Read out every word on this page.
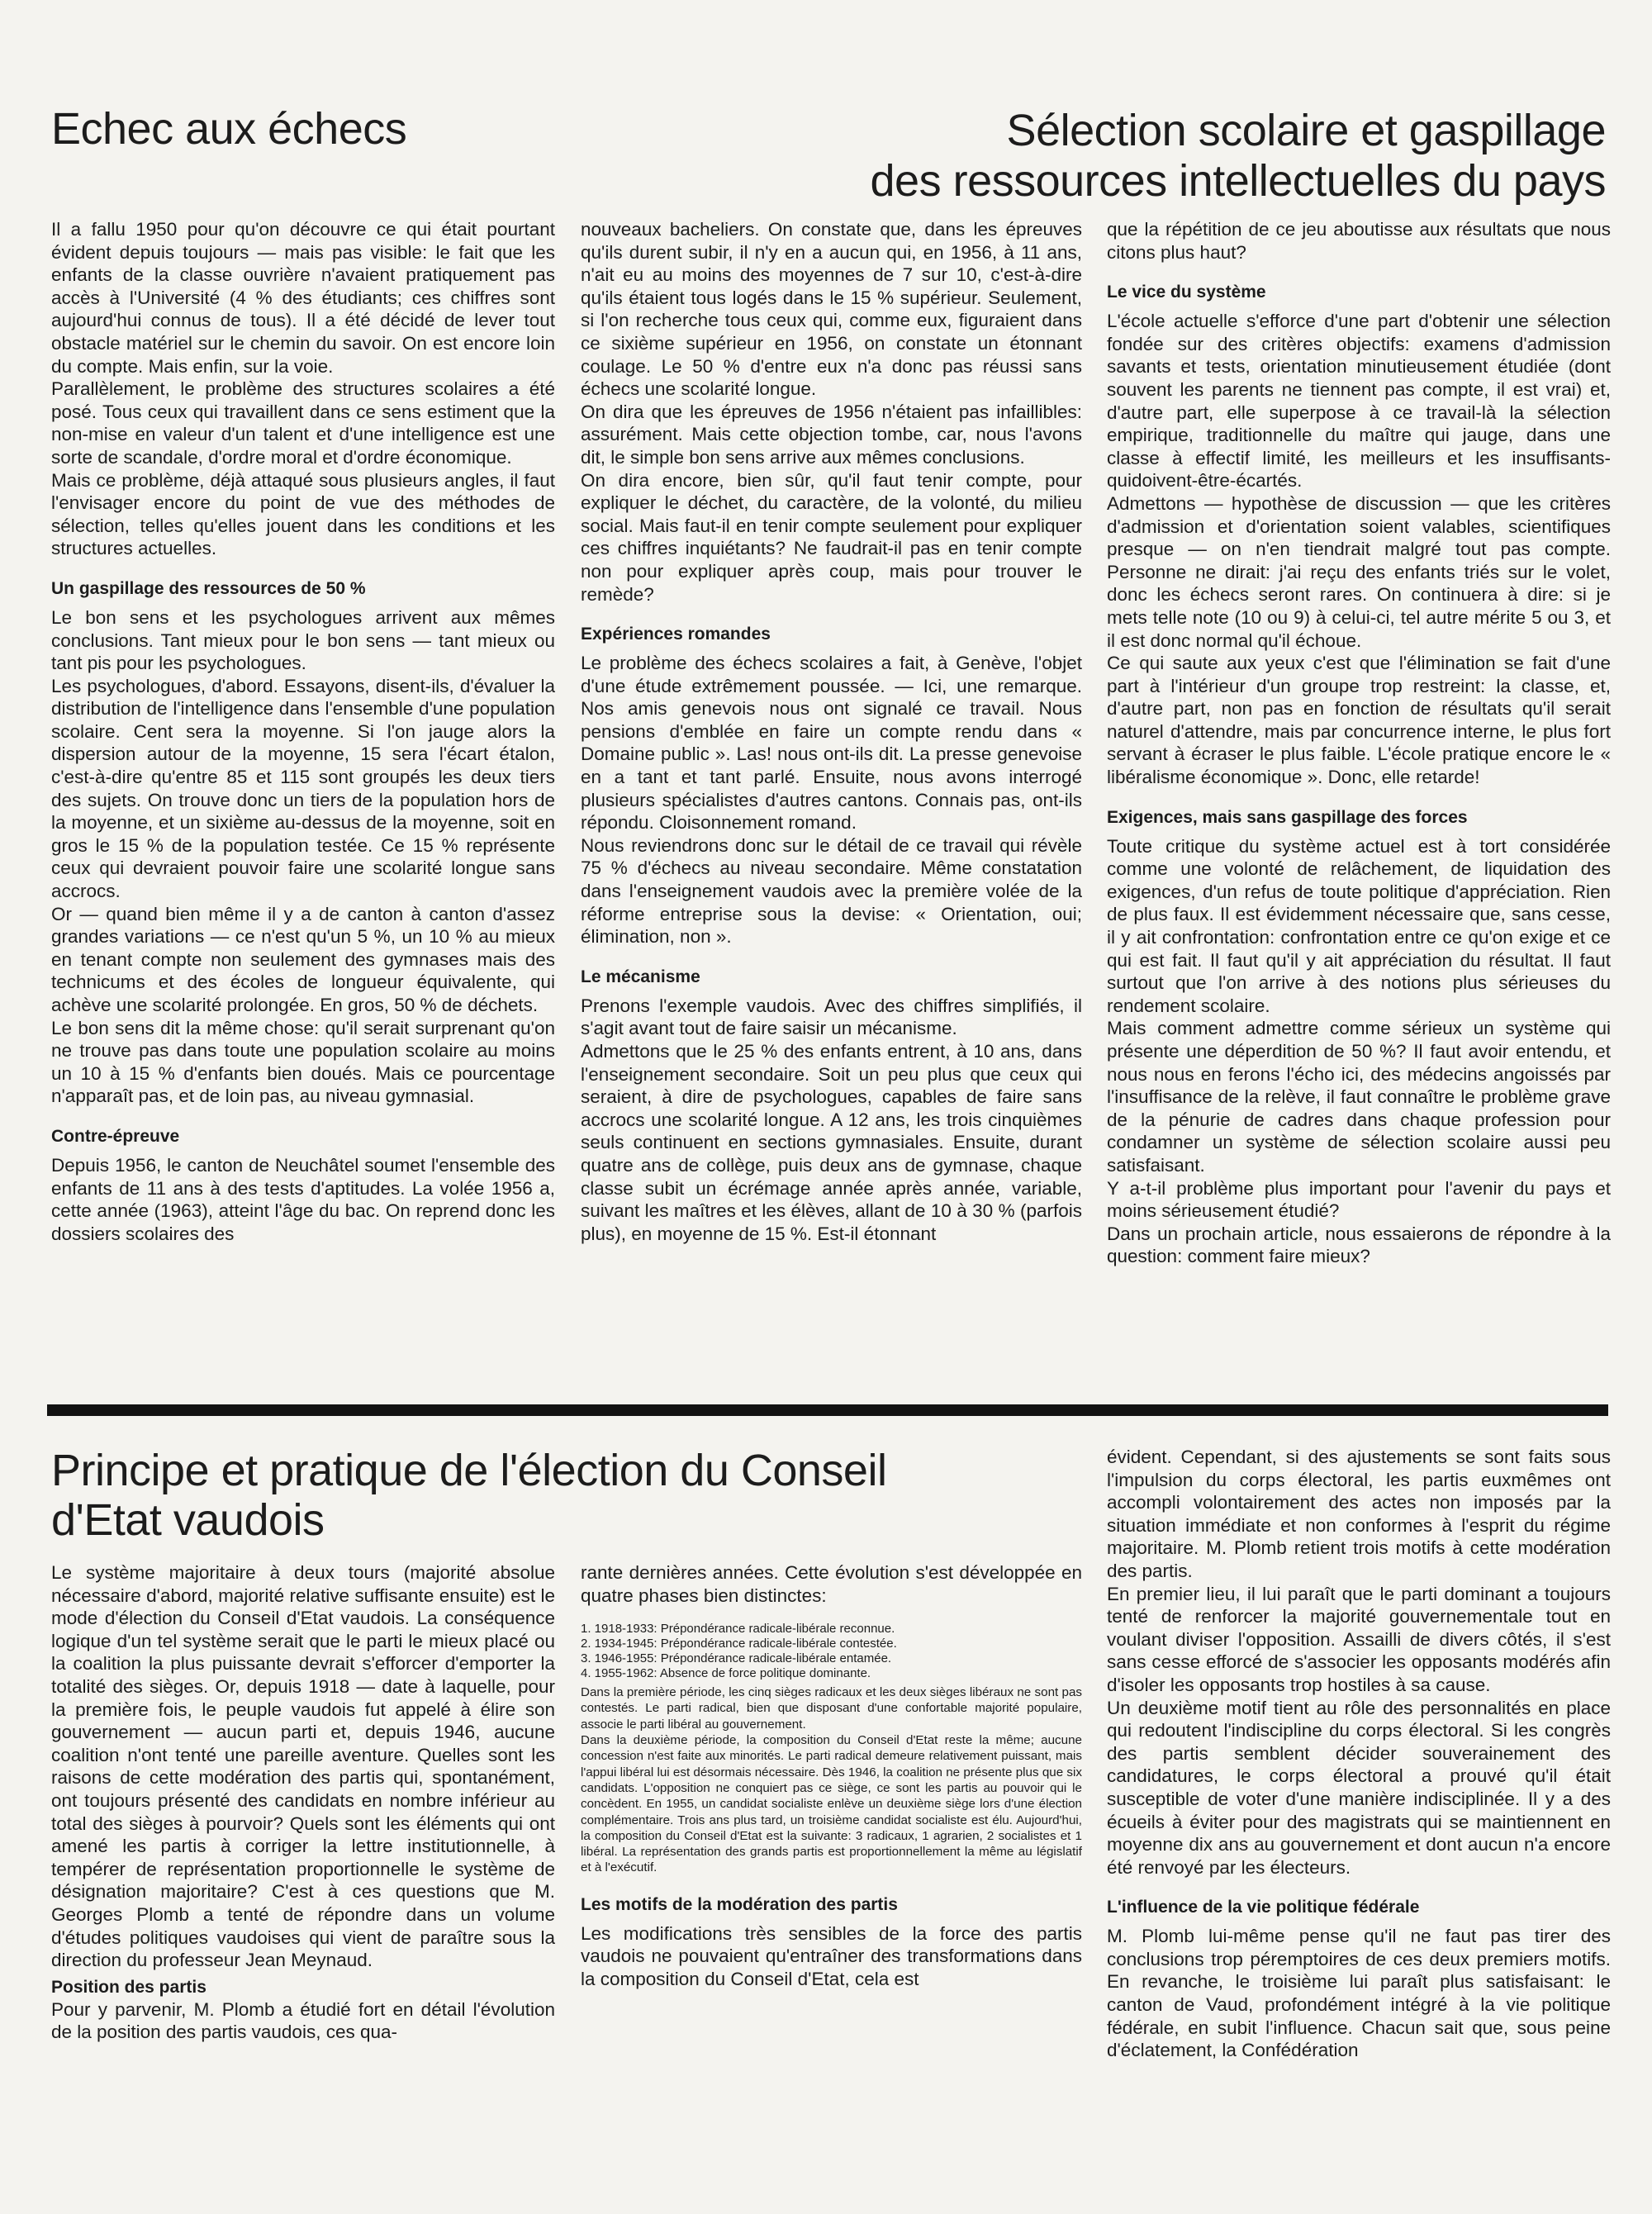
Echec aux échecs	Sélection scolaire et gaspillage
des ressources intellectuelles du pays

Il a fallu 1950 pour qu'on découvre ce qui était pourtant évident depuis toujours — mais pas visible: le fait que les enfants de la classe ouvrière n'avaient pratiquement pas accès à l'Université (4 % des étudiants; ces chiffres sont aujourd'hui connus de tous). Il a été décidé de lever tout obstacle matériel sur le chemin du savoir. On est encore loin du compte. Mais enfin, sur la voie.

Parallèlement, le problème des structures scolaires a été posé. Tous ceux qui travaillent dans ce sens estiment que la non-mise en valeur d'un talent et d'une intelligence est une sorte de scandale, d'ordre moral et d'ordre économique.

Mais ce problème, déjà attaqué sous plusieurs angles, il faut l'envisager encore du point de vue des méthodes de sélection, telles qu'elles jouent dans les conditions et les structures actuelles.

Un gaspillage des ressources de 50 %

Le bon sens et les psychologues arrivent aux mêmes conclusions. Tant mieux pour le bon sens — tant mieux ou tant pis pour les psychologues.

Les psychologues, d'abord. Essayons, disent-ils, d'évaluer la distribution de l'intelligence dans l'ensemble d'une population scolaire. Cent sera la moyenne. Si l'on jauge alors la dispersion autour de la moyenne, 15 sera l'écart étalon, c'est-à-dire qu'entre 85 et 115 sont groupés les deux tiers des sujets. On trouve donc un tiers de la population hors de la moyenne, et un sixième au-dessus de la moyenne, soit en gros le 15 % de la population testée. Ce 15 % représente ceux qui devraient pouvoir faire une scolarité longue sans accrocs.

Or — quand bien même il y a de canton à canton d'assez grandes variations — ce n'est qu'un 5 %, un 10 % au mieux en tenant compte non seulement des gymnases mais des technicums et des écoles de longueur équivalente, qui achève une scolarité prolongée. En gros, 50 % de déchets.

Le bon sens dit la même chose: qu'il serait surprenant qu'on ne trouve pas dans toute une population scolaire au moins un 10 à 15 % d'enfants bien doués. Mais ce pourcentage n'apparaît pas, et de loin pas, au niveau gymnasial.

Contre-épreuve

Depuis 1956, le canton de Neuchâtel soumet l'ensemble des enfants de 11 ans à des tests d'aptitudes. La volée 1956 a, cette année (1963), atteint l'âge du bac. On reprend donc les dossiers scolaires des

nouveaux bacheliers. On constate que, dans les épreuves qu'ils durent subir, il n'y en a aucun qui, en 1956, à 11 ans, n'ait eu au moins des moyennes de 7 sur 10, c'est-à-dire qu'ils étaient tous logés dans le 15 % supérieur. Seulement, si l'on recherche tous ceux qui, comme eux, figuraient dans ce sixième supérieur en 1956, on constate un étonnant coulage. Le 50 % d'entre eux n'a donc pas réussi sans échecs une scolarité longue.

On dira que les épreuves de 1956 n'étaient pas infaillibles: assurément. Mais cette objection tombe, car, nous l'avons dit, le simple bon sens arrive aux mêmes conclusions.

On dira encore, bien sûr, qu'il faut tenir compte, pour expliquer le déchet, du caractère, de la volonté, du milieu social. Mais faut-il en tenir compte seulement pour expliquer ces chiffres inquiétants? Ne faudrait-il pas en tenir compte non pour expliquer après coup, mais pour trouver le remède?

Expériences romandes

Le problème des échecs scolaires a fait, à Genève, l'objet d'une étude extrêmement poussée. — Ici, une remarque. Nos amis genevois nous ont signalé ce travail. Nous pensions d'emblée en faire un compte rendu dans « Domaine public ». Las! nous ont-ils dit. La presse genevoise en a tant et tant parlé. Ensuite, nous avons interrogé plusieurs spécialistes d'autres cantons. Connais pas, ont-ils répondu. Cloisonnement romand.

Nous reviendrons donc sur le détail de ce travail qui révèle 75 % d'échecs au niveau secondaire. Même constatation dans l'enseignement vaudois avec la première volée de la réforme entreprise sous la devise: « Orientation, oui; élimination, non ».

Le mécanisme

Prenons l'exemple vaudois. Avec des chiffres simplifiés, il s'agit avant tout de faire saisir un mécanisme.

Admettons que le 25 % des enfants entrent, à 10 ans, dans l'enseignement secondaire. Soit un peu plus que ceux qui seraient, à dire de psychologues, capables de faire sans accrocs une scolarité longue. A 12 ans, les trois cinquièmes seuls continuent en sections gymnasiales. Ensuite, durant quatre ans de collège, puis deux ans de gymnase, chaque classe subit un écrémage année après année, variable, suivant les maîtres et les élèves, allant de 10 à 30 % (parfois plus), en moyenne de 15 %. Est-il étonnant

que la répétition de ce jeu aboutisse aux résultats que nous citons plus haut?

Le vice du système

L'école actuelle s'efforce d'une part d'obtenir une sélection fondée sur des critères objectifs: examens d'admission savants et tests, orientation minutieusement étudiée (dont souvent les parents ne tiennent pas compte, il est vrai) et, d'autre part, elle superpose à ce travail-là la sélection empirique, traditionnelle du maître qui jauge, dans une classe à effectif limité, les meilleurs et les insuffisants-quidoivent-être-écartés.

Admettons — hypothèse de discussion — que les critères d'admission et d'orientation soient valables, scientifiques presque — on n'en tiendrait malgré tout pas compte. Personne ne dirait: j'ai reçu des enfants triés sur le volet, donc les échecs seront rares. On continuera à dire: si je mets telle note (10 ou 9) à celui-ci, tel autre mérite 5 ou 3, et il est donc normal qu'il échoue.

Ce qui saute aux yeux c'est que l'élimination se fait d'une part à l'intérieur d'un groupe trop restreint: la classe, et, d'autre part, non pas en fonction de résultats qu'il serait naturel d'attendre, mais par concurrence interne, le plus fort servant à écraser le plus faible. L'école pratique encore le « libéralisme économique ». Donc, elle retarde!

Exigences, mais sans gaspillage des forces

Toute critique du système actuel est à tort considérée comme une volonté de relâchement, de liquidation des exigences, d'un refus de toute politique d'appréciation. Rien de plus faux. Il est évidemment nécessaire que, sans cesse, il y ait confrontation: confrontation entre ce qu'on exige et ce qui est fait. Il faut qu'il y ait appréciation du résultat. Il faut surtout que l'on arrive à des notions plus sérieuses du rendement scolaire.

Mais comment admettre comme sérieux un système qui présente une déperdition de 50 %? Il faut avoir entendu, et nous nous en ferons l'écho ici, des médecins angoissés par l'insuffisance de la relève, il faut connaître le problème grave de la pénurie de cadres dans chaque profession pour condamner un système de sélection scolaire aussi peu satisfaisant.

Y a-t-il problème plus important pour l'avenir du pays et moins sérieusement étudié?

Dans un prochain article, nous essaierons de répondre à la question: comment faire mieux?

Principe et pratique de l'élection du Conseil
d'Etat vaudois

Le système majoritaire à deux tours (majorité absolue nécessaire d'abord, majorité relative suffisante ensuite) est le mode d'élection du Conseil d'Etat vaudois. La conséquence logique d'un tel système serait que le parti le mieux placé ou la coalition la plus puissante devrait s'efforcer d'emporter la totalité des sièges. Or, depuis 1918 — date à laquelle, pour la première fois, le peuple vaudois fut appelé à élire son gouvernement — aucun parti et, depuis 1946, aucune coalition n'ont tenté une pareille aventure. Quelles sont les raisons de cette modération des partis qui, spontanément, ont toujours présenté des candidats en nombre inférieur au total des sièges à pourvoir? Quels sont les éléments qui ont amené les partis à corriger la lettre institutionnelle, à tempérer de représentation proportionnelle le système de désignation majoritaire? C'est à ces questions que M. Georges Plomb a tenté de répondre dans un volume d'études politiques vaudoises qui vient de paraître sous la direction du professeur Jean Meynaud.

Position des partis

Pour y parvenir, M. Plomb a étudié fort en détail l'évolution de la position des partis vaudois, ces qua-

rante dernières années. Cette évolution s'est développée en quatre phases bien distinctes:

1. 1918-1933: Prépondérance radicale-libérale reconnue.
2. 1934-1945: Prépondérance radicale-libérale contestée.
3. 1946-1955: Prépondérance radicale-libérale entamée.
4. 1955-1962: Absence de force politique dominante.

Dans la première période, les cinq sièges radicaux et les deux sièges libéraux ne sont pas contestés. Le parti radical, bien que disposant d'une confortable majorité populaire, associe le parti libéral au gouvernement.

Dans la deuxième période, la composition du Conseil d'Etat reste la même; aucune concession n'est faite aux minorités. Le parti radical demeure relativement puissant, mais l'appui libéral lui est désormais nécessaire. Dès 1946, la coalition ne présente plus que six candidats. L'opposition ne conquiert pas ce siège, ce sont les partis au pouvoir qui le concèdent. En 1955, un candidat socialiste enlève un deuxième siège lors d'une élection complémentaire. Trois ans plus tard, un troisième candidat socialiste est élu. Aujourd'hui, la composition du Conseil d'Etat est la suivante: 3 radicaux, 1 agrarien, 2 socialistes et 1 libéral. La représentation des grands partis est proportionnellement la même au législatif et à l'exécutif.

Les motifs de la modération des partis

Les modifications très sensibles de la force des partis vaudois ne pouvaient qu'entraîner des transformations dans la composition du Conseil d'Etat, cela est

évident. Cependant, si des ajustements se sont faits sous l'impulsion du corps électoral, les partis euxmêmes ont accompli volontairement des actes non imposés par la situation immédiate et non conformes à l'esprit du régime majoritaire. M. Plomb retient trois motifs à cette modération des partis.

En premier lieu, il lui paraît que le parti dominant a toujours tenté de renforcer la majorité gouvernementale tout en voulant diviser l'opposition. Assailli de divers côtés, il s'est sans cesse efforcé de s'associer les opposants modérés afin d'isoler les opposants trop hostiles à sa cause.

Un deuxième motif tient au rôle des personnalités en place qui redoutent l'indiscipline du corps électoral. Si les congrès des partis semblent décider souverainement des candidatures, le corps électoral a prouvé qu'il était susceptible de voter d'une manière indisciplinée. Il y a des écueils à éviter pour des magistrats qui se maintiennent en moyenne dix ans au gouvernement et dont aucun n'a encore été renvoyé par les électeurs.

L'influence de la vie politique fédérale

M. Plomb lui-même pense qu'il ne faut pas tirer des conclusions trop péremptoires de ces deux premiers motifs. En revanche, le troisième lui paraît plus satisfaisant: le canton de Vaud, profondément intégré à la vie politique fédérale, en subit l'influence. Chacun sait que, sous peine d'éclatement, la Confédération
